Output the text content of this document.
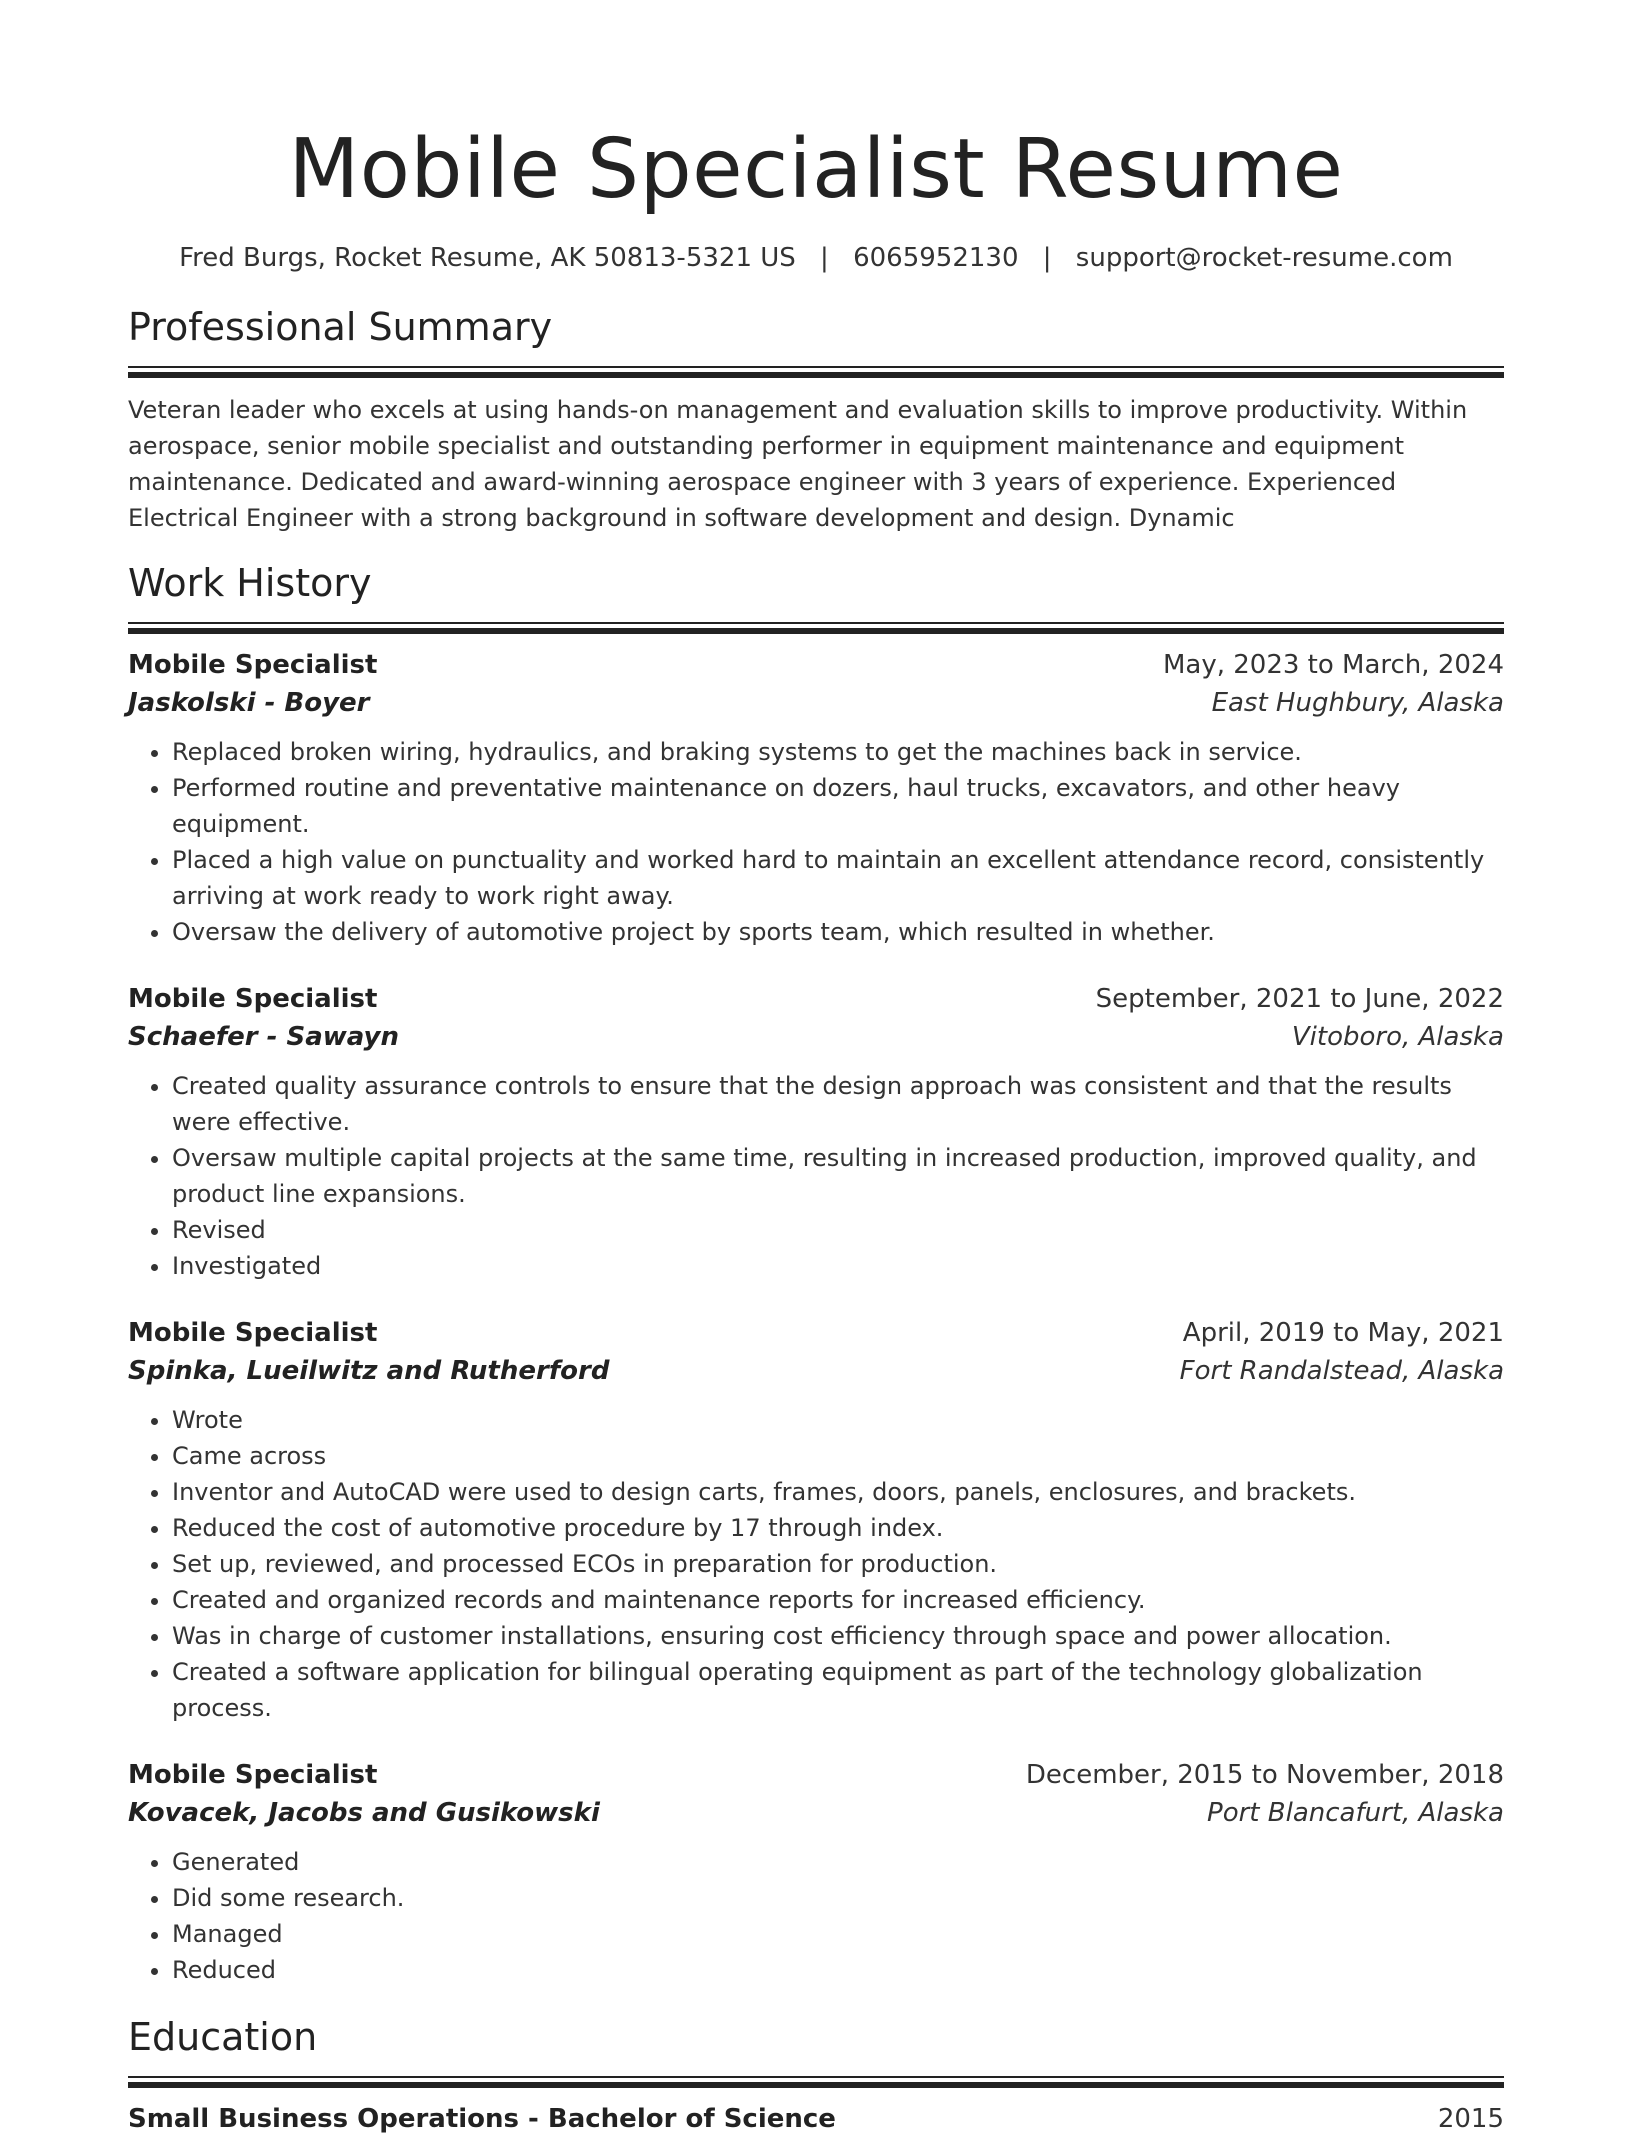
Mobile Specialist Resume
Fred Burgs, Rocket Resume, AK 50813-5321 US | 6065952130 | support@rocket-resume.com
Professional Summary

Veteran leader who excels at using hands-on management and evaluation skills to improve productivity. Within aerospace, senior mobile specialist and outstanding performer in equipment maintenance and equipment maintenance. Dedicated and award-winning aerospace engineer with 3 years of experience. Experienced Electrical Engineer with a strong background in software development and design. Dynamic

Work History
Mobile Specialist	May, 2023 to March, 2024
Jaskolski - Boyer	East Hughbury, Alaska
• Replaced broken wiring, hydraulics, and braking systems to get the machines back in service.
• Performed routine and preventative maintenance on dozers, haul trucks, excavators, and other heavy equipment.
• Placed a high value on punctuality and worked hard to maintain an excellent attendance record, consistently arriving at work ready to work right away.
• Oversaw the delivery of automotive project by sports team, which resulted in whether.
Mobile Specialist	September, 2021 to June, 2022
Schaefer - Sawayn	Vitoboro, Alaska
• Created quality assurance controls to ensure that the design approach was consistent and that the results were effective.
• Oversaw multiple capital projects at the same time, resulting in increased production, improved quality, and product line expansions.
• Revised
• Investigated
Mobile Specialist	April, 2019 to May, 2021
Spinka, Lueilwitz and Rutherford	Fort Randalstead, Alaska
• Wrote
• Came across
• Inventor and AutoCAD were used to design carts, frames, doors, panels, enclosures, and brackets.
• Reduced the cost of automotive procedure by 17 through index.
• Set up, reviewed, and processed ECOs in preparation for production.
• Created and organized records and maintenance reports for increased efficiency.
• Was in charge of customer installations, ensuring cost efficiency through space and power allocation.
• Created a software application for bilingual operating equipment as part of the technology globalization process.
Mobile Specialist	December, 2015 to November, 2018
Kovacek, Jacobs and Gusikowski	Port Blancafurt, Alaska
• Generated
• Did some research.
• Managed
• Reduced
Education
Small Business Operations - Bachelor of Science	2015
